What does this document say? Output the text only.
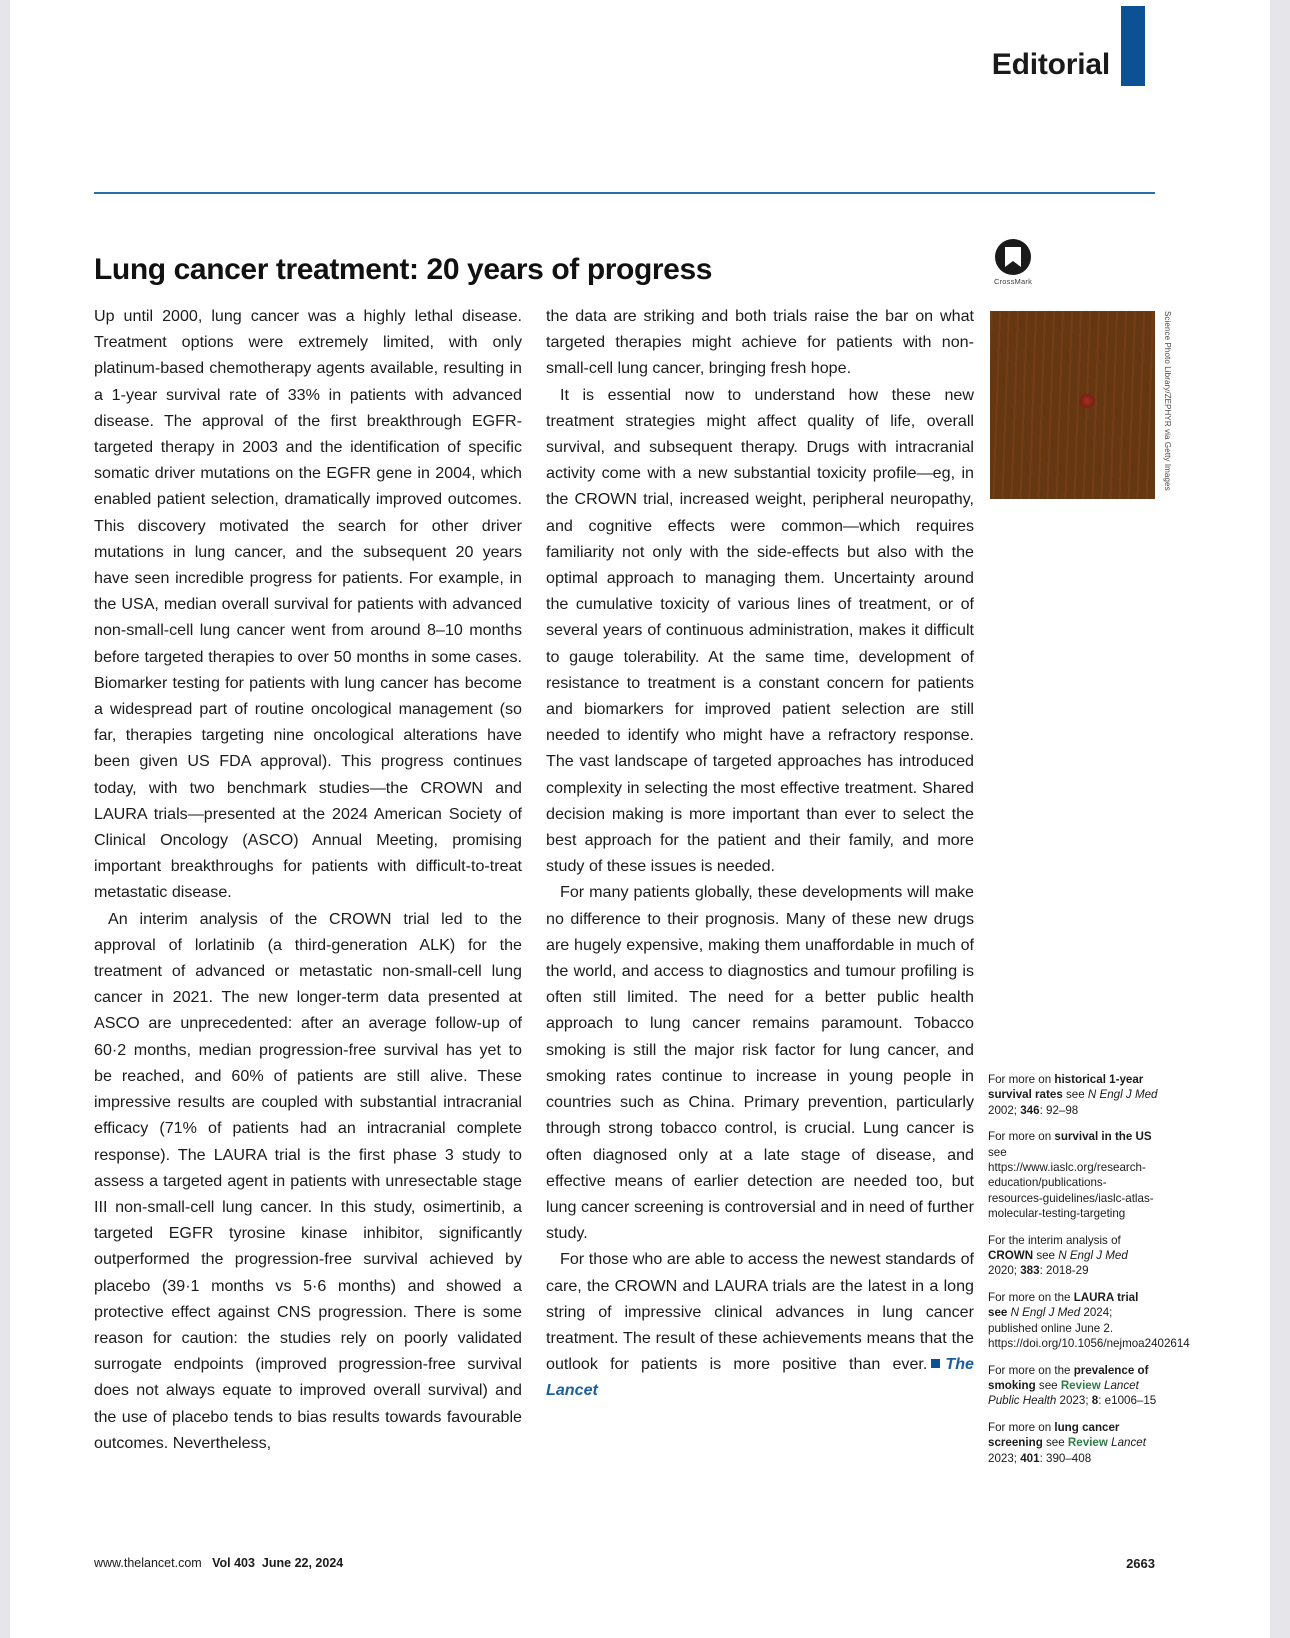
Editorial
Lung cancer treatment: 20 years of progress	CrossMark
Science Photo Library/ZEPHYR via Getty Images

Up until 2000, lung cancer was a highly lethal disease. Treatment options were extremely limited, with only platinum-based chemotherapy agents available, resulting in a 1-year survival rate of 33% in patients with advanced disease. The approval of the first breakthrough EGFR-targeted therapy in 2003 and the identification of specific somatic driver mutations on the EGFR gene in 2004, which enabled patient selection, dramatically improved outcomes. This discovery motivated the search for other driver mutations in lung cancer, and the subsequent 20 years have seen incredible progress for patients. For example, in the USA, median overall survival for patients with advanced non-small-cell lung cancer went from around 8–10 months before targeted therapies to over 50 months in some cases. Biomarker testing for patients with lung cancer has become a widespread part of routine oncological management (so far, therapies targeting nine oncological alterations have been given US FDA approval). This progress continues today, with two benchmark studies—the CROWN and LAURA trials—presented at the 2024 American Society of Clinical Oncology (ASCO) Annual Meeting, promising important breakthroughs for patients with difficult-to-treat metastatic disease.

An interim analysis of the CROWN trial led to the approval of lorlatinib (a third-generation ALK) for the treatment of advanced or metastatic non-small-cell lung cancer in 2021. The new longer-term data presented at ASCO are unprecedented: after an average follow-up of 60·2 months, median progression-free survival has yet to be reached, and 60% of patients are still alive. These impressive results are coupled with substantial intracranial efficacy (71% of patients had an intracranial complete response). The LAURA trial is the first phase 3 study to assess a targeted agent in patients with unresectable stage III non-small-cell lung cancer. In this study, osimertinib, a targeted EGFR tyrosine kinase inhibitor, significantly outperformed the progression-free survival achieved by placebo (39·1 months vs 5·6 months) and showed a protective effect against CNS progression. There is some reason for caution: the studies rely on poorly validated surrogate endpoints (improved progression-free survival does not always equate to improved overall survival) and the use of placebo tends to bias results towards favourable outcomes. Nevertheless,

the data are striking and both trials raise the bar on what targeted therapies might achieve for patients with non-small-cell lung cancer, bringing fresh hope.

It is essential now to understand how these new treatment strategies might affect quality of life, overall survival, and subsequent therapy. Drugs with intracranial activity come with a new substantial toxicity profile—eg, in the CROWN trial, increased weight, peripheral neuropathy, and cognitive effects were common—which requires familiarity not only with the side-effects but also with the optimal approach to managing them. Uncertainty around the cumulative toxicity of various lines of treatment, or of several years of continuous administration, makes it difficult to gauge tolerability. At the same time, development of resistance to treatment is a constant concern for patients and biomarkers for improved patient selection are still needed to identify who might have a refractory response. The vast landscape of targeted approaches has introduced complexity in selecting the most effective treatment. Shared decision making is more important than ever to select the best approach for the patient and their family, and more study of these issues is needed.

For many patients globally, these developments will make no difference to their prognosis. Many of these new drugs are hugely expensive, making them unaffordable in much of the world, and access to diagnostics and tumour profiling is often still limited. The need for a better public health approach to lung cancer remains paramount. Tobacco smoking is still the major risk factor for lung cancer, and smoking rates continue to increase in young people in countries such as China. Primary prevention, particularly through strong tobacco control, is crucial. Lung cancer is often diagnosed only at a late stage of disease, and effective means of earlier detection are needed too, but lung cancer screening is controversial and in need of further study.

For those who are able to access the newest standards of care, the CROWN and LAURA trials are the latest in a long string of impressive clinical advances in lung cancer treatment. The result of these achievements means that the outlook for patients is more positive than ever. The Lancet

For more on historical 1-year survival rates see N Engl J Med 2002; 346: 92–98
For more on survival in the US see https://www.iaslc.org/research-education/publications-resources-guidelines/iaslc-atlas-molecular-testing-targeting
For the interim analysis of CROWN see N Engl J Med 2020; 383: 2018-29
For more on the LAURA trial see N Engl J Med 2024; published online June 2. https://doi.org/10.1056/nejmoa2402614
For more on the prevalence of smoking see Review Lancet Public Health 2023; 8: e1006–15
For more on lung cancer screening see Review Lancet 2023; 401: 390–408
www.thelancet.com Vol 403 June 22, 2024	2663
